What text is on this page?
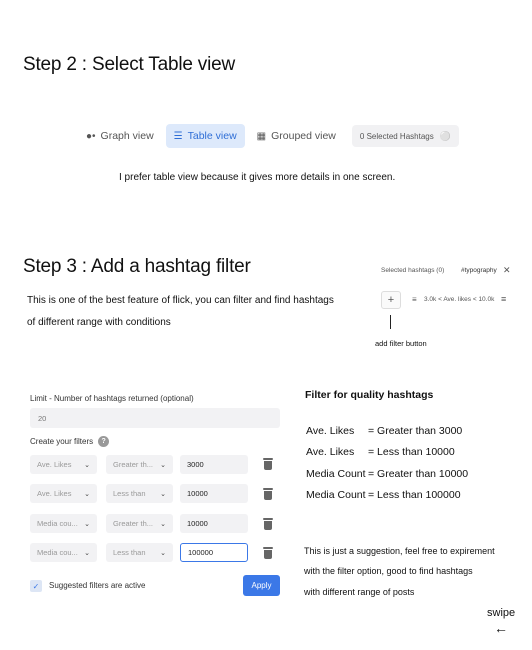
Step 2 : Select Table view
●• Graph view ☰ Table view ▦ Grouped view	0 Selected Hashtags ⚪
I prefer table view because it gives more details in one screen.
Step 3 : Add a hashtag filter
This is one of the best feature of flick, you can filter and find hashtags
of different range with conditions
Selected hashtags (0)	#typography ✕
+ ≡ 3.0k < Ave. likes < 10.0k ≡
add filter button
Limit - Number of hashtags returned (optional)
20
Create your filters	?
Ave. Likes ⌄	Greater th... ⌄	3000
Ave. Likes ⌄	Less than ⌄	10000
Media cou... ⌄	Greater th... ⌄	10000
Media cou... ⌄	Less than ⌄	100000
✓ Suggested filters are active	Apply
Filter for quality hashtags
Ave. Likes = Greater than 3000
Ave. Likes = Less than 10000
Media Count = Greater than 10000
Media Count = Less than 100000
This is just a suggestion, feel free to expirement
with the filter option, good to find hashtags
with different range of posts
swipe
←
